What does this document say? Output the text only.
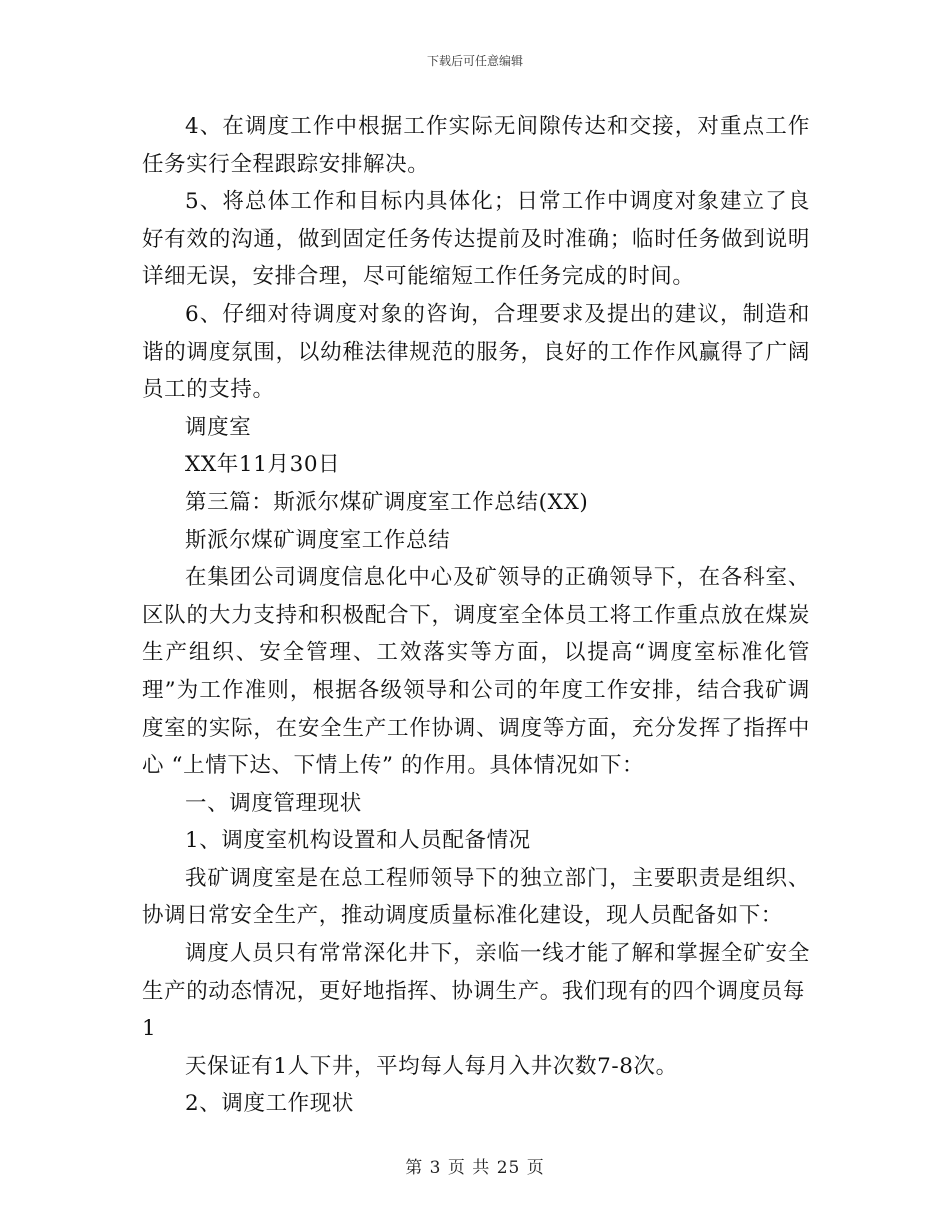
下载后可任意编辑

4、在调度工作中根据工作实际无间隙传达和交接，对重点工作任务实行全程跟踪安排解决。

5、将总体工作和目标内具体化；日常工作中调度对象建立了良好有效的沟通，做到固定任务传达提前及时准确；临时任务做到说明详细无误，安排合理，尽可能缩短工作任务完成的时间。

6、仔细对待调度对象的咨询，合理要求及提出的建议，制造和谐的调度氛围，以幼稚法律规范的服务，良好的工作作风赢得了广阔员工的支持。

调度室

XX年11月30日

第三篇：斯派尔煤矿调度室工作总结(XX)

斯派尔煤矿调度室工作总结

在集团公司调度信息化中心及矿领导的正确领导下，在各科室、区队的大力支持和积极配合下，调度室全体员工将工作重点放在煤炭生产组织、安全管理、工效落实等方面，以提高“调度室标准化管理”为工作准则，根据各级领导和公司的年度工作安排，结合我矿调度室的实际，在安全生产工作协调、调度等方面，充分发挥了指挥中心 “上情下达、下情上传” 的作用。具体情况如下：

一、调度管理现状

1、调度室机构设置和人员配备情况

我矿调度室是在总工程师领导下的独立部门，主要职责是组织、协调日常安全生产，推动调度质量标准化建设，现人员配备如下：

调度人员只有常常深化井下，亲临一线才能了解和掌握全矿安全生产的动态情况，更好地指挥、协调生产。我们现有的四个调度员每

1

天保证有1人下井，平均每人每月入井次数7-8次。

2、调度工作现状

第 3 页 共 25 页
